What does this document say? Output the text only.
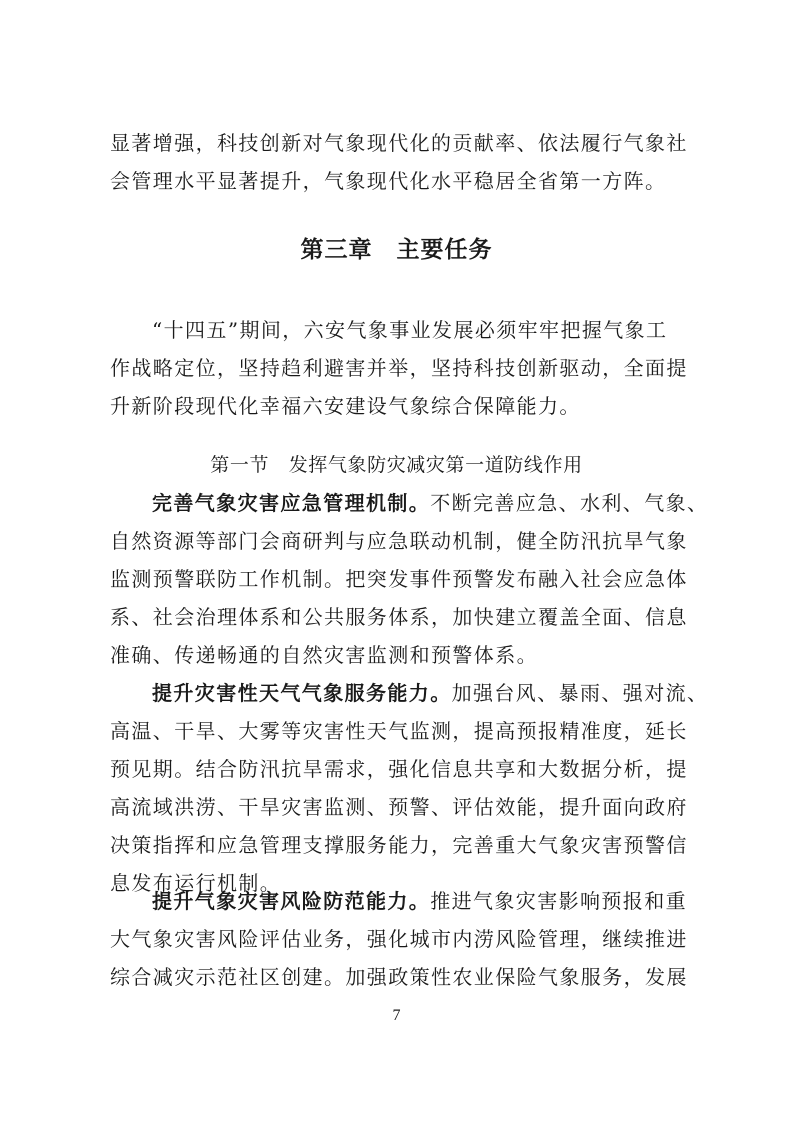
显著增强，科技创新对气象现代化的贡献率、依法履行气象社
会管理水平显著提升，气象现代化水平稳居全省第一方阵。
第三章　主要任务
“十四五”期间，六安气象事业发展必须牢牢把握气象工
作战略定位，坚持趋利避害并举，坚持科技创新驱动，全面提
升新阶段现代化幸福六安建设气象综合保障能力。
第一节　发挥气象防灾减灾第一道防线作用
完善气象灾害应急管理机制。不断完善应急、水利、气象、
自然资源等部门会商研判与应急联动机制，健全防汛抗旱气象
监测预警联防工作机制。把突发事件预警发布融入社会应急体
系、社会治理体系和公共服务体系，加快建立覆盖全面、信息
准确、传递畅通的自然灾害监测和预警体系。
提升灾害性天气气象服务能力。加强台风、暴雨、强对流、
高温、干旱、大雾等灾害性天气监测，提高预报精准度，延长
预见期。结合防汛抗旱需求，强化信息共享和大数据分析，提
高流域洪涝、干旱灾害监测、预警、评估效能，提升面向政府
决策指挥和应急管理支撑服务能力，完善重大气象灾害预警信
息发布运行机制。
提升气象灾害风险防范能力。推进气象灾害影响预报和重
大气象灾害风险评估业务，强化城市内涝风险管理，继续推进
综合减灾示范社区创建。加强政策性农业保险气象服务，发展
7
